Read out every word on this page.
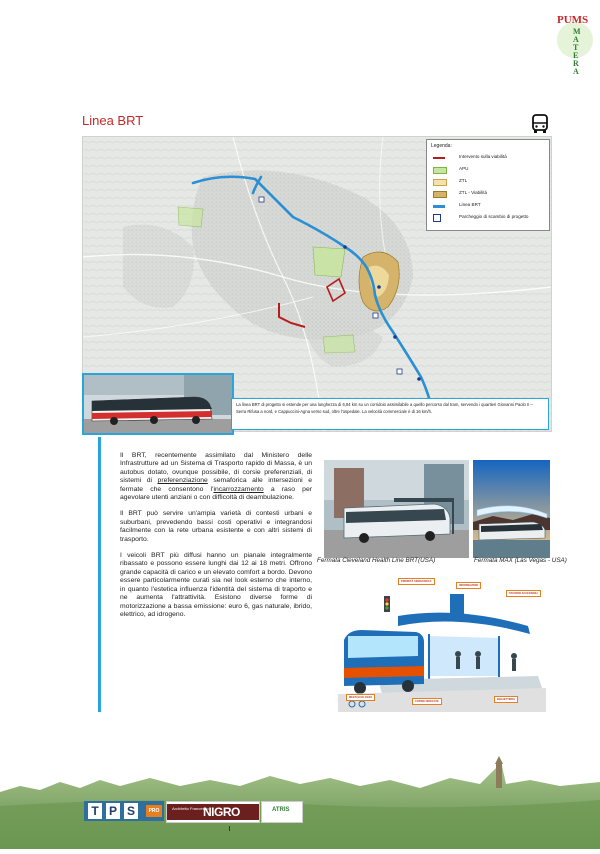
PUMS
M
A
T
E
R
A
Linea BRT
Legenda:
Intervento sulla viabilità
APU
ZTL
ZTL - Viabilità
Linea BRT
Parcheggio di scambio di progetto
La linea BRT di progetto si estende per una lunghezza di 6,84 km su un corridoio assimilabile a quello percorso dal tram, servendo i quartieri Giovanni Paolo II – Serra Rifusa a nord, e Cappuccini-Agna verso sud, oltre l'ospedale. La velocità commerciale è di 16 km/h.

Il BRT, recentemente assimilato dal Ministero delle Infrastrutture ad un Sistema di Trasporto rapido di Massa, è un autobus dotato, ovunque possibile, di corsie preferenziali, di sistemi di preferenziazione semaforica alle intersezioni e fermate che consentono l'incarrozzamento a raso per agevolare utenti anziani o con difficoltà di deambulazione.

Il BRT può servire un'ampia varietà di contesti urbani e suburbani, prevedendo bassi costi operativi e integrandosi facilmente con la rete urbana esistente e con altri sistemi di trasporto.

I veicoli BRT più diffusi hanno un pianale integralmente ribassato e possono essere lunghi dai 12 ai 18 metri. Offrono grande capacità di carico e un elevato comfort a bordo. Devono essere particolarmente curati sia nel look esterno che interno, in quanto l'estetica influenza l'identità del sistema di traporto e ne aumenta l'attrattività. Esistono diverse forme di motorizzazione a bassa emissione: euro 6, gas naturale, ibrido, elettrico, ad idrogeno.

Fermata Cleveland Health Line BRT(USA)	Fermata MAX (Las Vegas - USA)
PRIORITÀ SEMAFORICA
INFORMAZIONI
STAZIONI ACCESSIBILI
MEZZI ECOLOGICI
CORSIE DEDICATE
BIGLIETTERIA
T P S	PRO	Architetto Francesco
NIGRO	ATRIS
